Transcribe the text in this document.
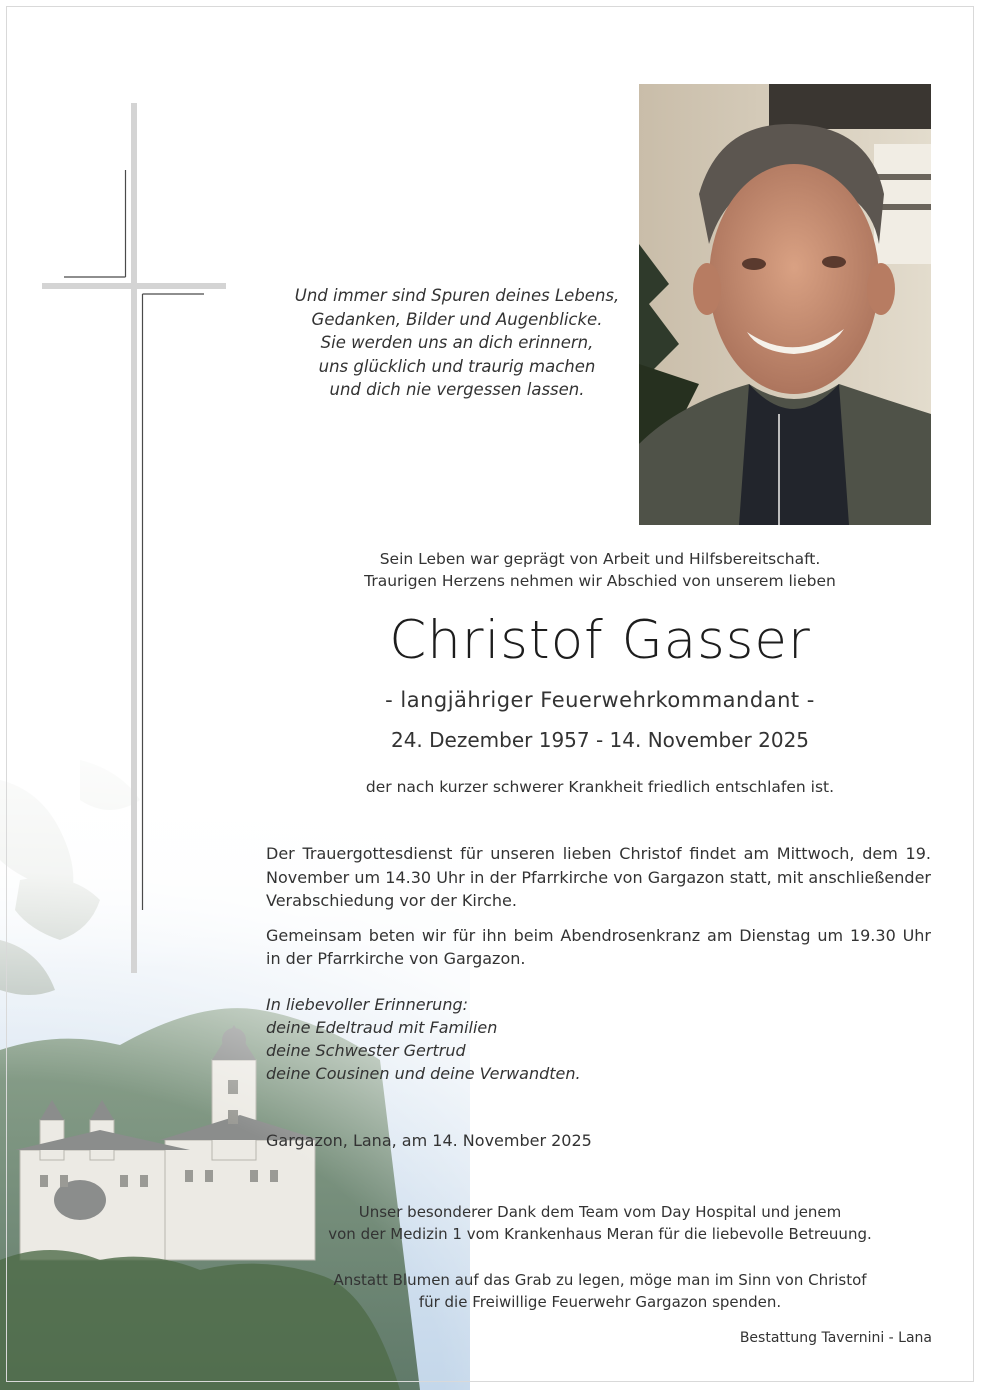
Und immer sind Spuren deines Lebens,
Gedanken, Bilder und Augenblicke.
Sie werden uns an dich erinnern,
uns glücklich und traurig machen
und dich nie vergessen lassen.
Sein Leben war geprägt von Arbeit und Hilfsbereitschaft.
Traurigen Herzens nehmen wir Abschied von unserem lieben
Christof Gasser
- langjähriger Feuerwehrkommandant -
24. Dezember 1957 - 14. November 2025
der nach kurzer schwerer Krankheit friedlich entschlafen ist.

Der Trauergottesdienst für unseren lieben Christof findet am Mittwoch, dem 19. November um 14.30 Uhr in der Pfarrkirche von Gargazon statt, mit anschließender Verabschiedung vor der Kirche.

Gemeinsam beten wir für ihn beim Abendrosenkranz am Dienstag um 19.30 Uhr in der Pfarrkirche von Gargazon.

In liebevoller Erinnerung:
deine Edeltraud mit Familien
deine Schwester Gertrud
deine Cousinen und deine Verwandten.
Gargazon, Lana, am 14. November 2025
Unser besonderer Dank dem Team vom Day Hospital und jenem
von der Medizin 1 vom Krankenhaus Meran für die liebevolle Betreuung.
Anstatt Blumen auf das Grab zu legen, möge man im Sinn von Christof
für die Freiwillige Feuerwehr Gargazon spenden.
Bestattung Tavernini - Lana
